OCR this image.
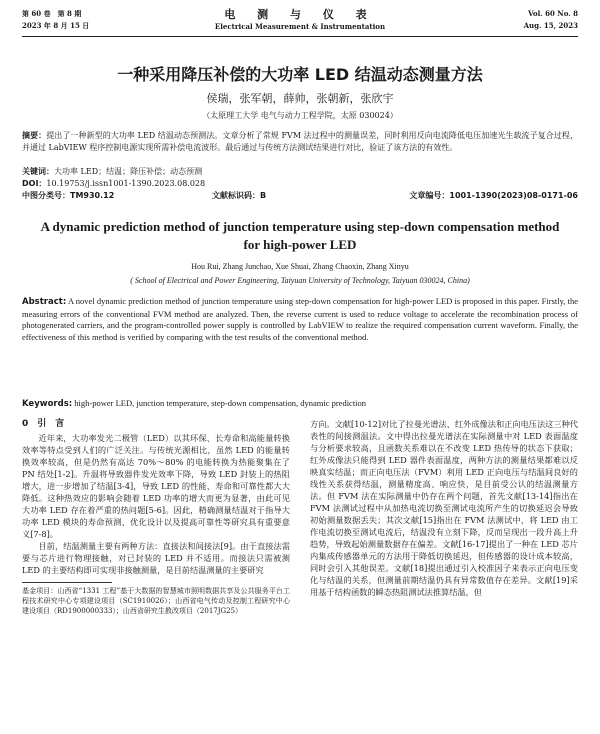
第 60 卷　第 8 期
2023 年 8 月 15 日
电 测 与 仪 表
Electrical Measurement & Instrumentation
Vol. 60 No. 8
Aug. 15, 2023
一种采用降压补偿的大功率 LED 结温动态测量方法
侯瑞，张军朝，薛帅，张朝新，张欣宇
（太原理工大学 电气与动力工程学院，太原 030024）
摘要：提出了一种新型的大功率 LED 结温动态预测法。文章分析了常规 FVM 法过程中的测量误差，同时利用反向电流降低电压加速光生载流子复合过程，并通过 LabVIEW 程序控制电源实现所需补偿电流波形。最后通过与传统方法测试结果进行对比，验证了该方法的有效性。
关键词：大功率 LED；结温；降压补偿；动态预测
DOI：10.19753/j.issn1001-1390.2023.08.028
中图分类号：TM930.12	文献标识码：B	文章编号：1001-1390(2023)08-0171-06
A dynamic prediction method of junction temperature using step-down compensation method for high-power LED
Hou Rui, Zhang Junchao, Xue Shuai, Zhang Chaoxin, Zhang Xinyu
( School of Electrical and Power Engineering, Taiyuan University of Technology, Taiyuan 030024, China)
Abstract: A novel dynamic prediction method of junction temperature using step-down compensation for high-power LED is proposed in this paper. Firstly, the measuring errors of the conventional FVM method are analyzed. Then, the reverse current is used to reduce voltage to accelerate the recombination process of photogenerated carriers, and the program-controlled power supply is controlled by LabVIEW to realize the required compensation current waveform. Finally, the effectiveness of this method is verified by comparing with the test results of the conventional method.
Keywords: high-power LED, junction temperature, step-down compensation, dynamic prediction
0　引　言
近年来，大功率发光二极管（LED）以其环保、长寿命和高能量转换效率等特点受到人们的广泛关注。与传统光源相比，虽然 LED 的能量转换效率较高，但是仍然有高达 70%～80% 的电能转换为热能聚集在了 PN 结处[1-2]。升温将导致器件发光效率下降，导致 LED 封装上的热阻增大，进一步增加了结温[3-4]，导致 LED 的性能、寿命和可靠性都大大降低。这种热效应的影响会随着 LED 功率的增大而更为显著，由此可见大功率 LED 存在着严重的热问题[5-6]。因此，精确测量结温对于指导大功率 LED 模块的寿命预测、优化设计以及提高可靠性等研究具有重要意义[7-8]。
目前，结温测量主要有两种方法：直接法和间接法[9]。由于直接法需要与芯片进行物理接触，对已封装的 LED 并不适用。而接法只需被测 LED 的主要结构即可实现非接触测量，是目前结温测量的主要研究
基金项目：山西省“1331 工程”基于大数据的智慧城市照明数据共享及公共服务平台工程技术研究中心专项建设项目（SC1910026）；山西省电气传动及控制工程研究中心建设项目（RD1900000333）；山西省研究生教改项目（2017JG25）
方向。文献[10-12]对比了拉曼光谱法、红外成像法和正向电压法这三种代表性的间接测温法。文中得出拉曼光谱法在实际测量中对 LED 表面温度与分析要求较高，且函数关系难以在不改变 LED 热传导的状态下获取；红外成像法只能得到 LED 器件表面温度，两种方法的测量结果都难以反映真实结温；而正向电压法（FVM）利用 LED 正向电压与结温间良好的线性关系获得结温，测量精度高、响应快，是目前受公认的结温测量方法。但 FVM 法在实际测量中仍存在两个问题，首先文献[13-14]指出在 FVM 法测试过程中从加热电流切换至测试电流所产生的切换延迟会导致初始测量数据丢失；其次文献[15]指出在 FVM 法测试中，将 LED 由工作电流切换至测试电流后，结温没有立刻下降，反而呈现出一段升高上升趋势，导致起始测量数据存在偏差。文献[16-17]提出了一种在 LED 芯片内集成传感器单元的方法用于降低切换延迟，但传感器的设计成本较高，同时会引入其他误差。文献[18]提出通过引入校准因子来表示正向电压变化与结温的关系，但测量前期结温仍具有异常数值存在差异。文献[19]采用基于结构函数的瞬态热阻测试法推算结温，但
